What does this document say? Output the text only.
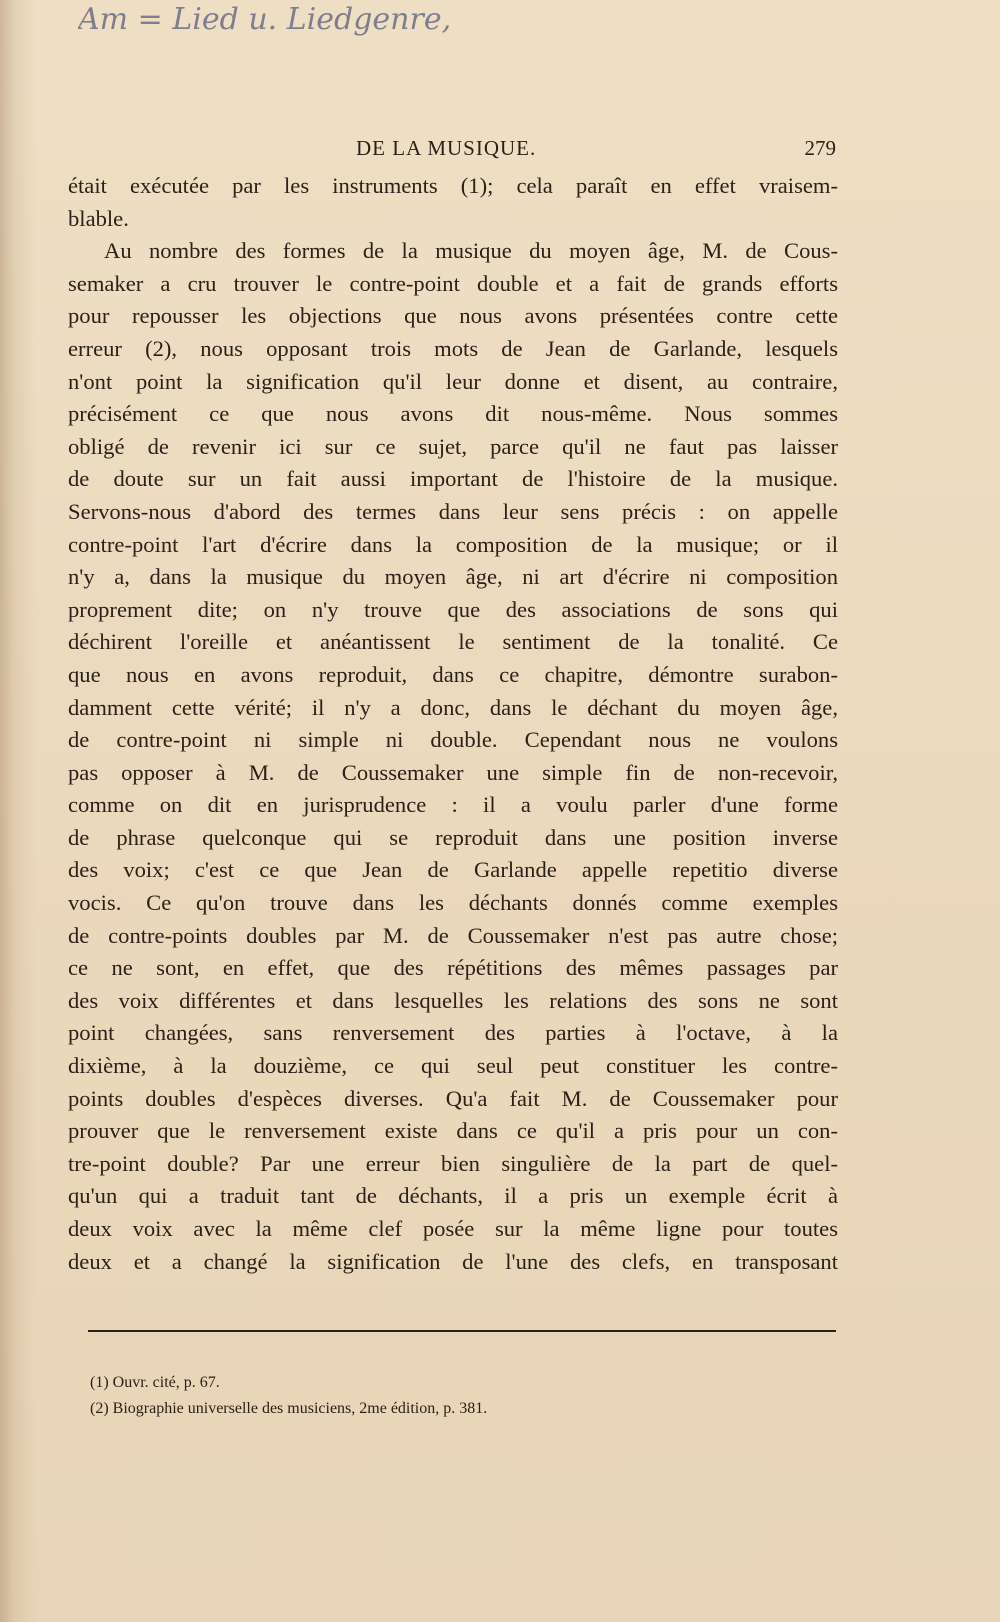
Am = Lied u. Liedgenre,
DE LA MUSIQUE.	279
était exécutée par les instruments (1); cela paraît en effet vraisem-
blable.
Au nombre des formes de la musique du moyen âge, M. de Cous-
semaker a cru trouver le contre-point double et a fait de grands efforts
pour repousser les objections que nous avons présentées contre cette
erreur (2), nous opposant trois mots de Jean de Garlande, lesquels
n'ont point la signification qu'il leur donne et disent, au contraire,
précisément ce que nous avons dit nous-même. Nous sommes
obligé de revenir ici sur ce sujet, parce qu'il ne faut pas laisser
de doute sur un fait aussi important de l'histoire de la musique.
Servons-nous d'abord des termes dans leur sens précis : on appelle
contre-point l'art d'écrire dans la composition de la musique; or il
n'y a, dans la musique du moyen âge, ni art d'écrire ni composition
proprement dite; on n'y trouve que des associations de sons qui
déchirent l'oreille et anéantissent le sentiment de la tonalité. Ce
que nous en avons reproduit, dans ce chapitre, démontre surabon-
damment cette vérité; il n'y a donc, dans le déchant du moyen âge,
de contre-point ni simple ni double. Cependant nous ne voulons
pas opposer à M. de Coussemaker une simple fin de non-recevoir,
comme on dit en jurisprudence : il a voulu parler d'une forme
de phrase quelconque qui se reproduit dans une position inverse
des voix; c'est ce que Jean de Garlande appelle repetitio diverse
vocis. Ce qu'on trouve dans les déchants donnés comme exemples
de contre-points doubles par M. de Coussemaker n'est pas autre chose;
ce ne sont, en effet, que des répétitions des mêmes passages par
des voix différentes et dans lesquelles les relations des sons ne sont
point changées, sans renversement des parties à l'octave, à la
dixième, à la douzième, ce qui seul peut constituer les contre-
points doubles d'espèces diverses. Qu'a fait M. de Coussemaker pour
prouver que le renversement existe dans ce qu'il a pris pour un con-
tre-point double? Par une erreur bien singulière de la part de quel-
qu'un qui a traduit tant de déchants, il a pris un exemple écrit à
deux voix avec la même clef posée sur la même ligne pour toutes
deux et a changé la signification de l'une des clefs, en transposant
(1) Ouvr. cité, p. 67.
(2) Biographie universelle des musiciens, 2me édition, p. 381.
